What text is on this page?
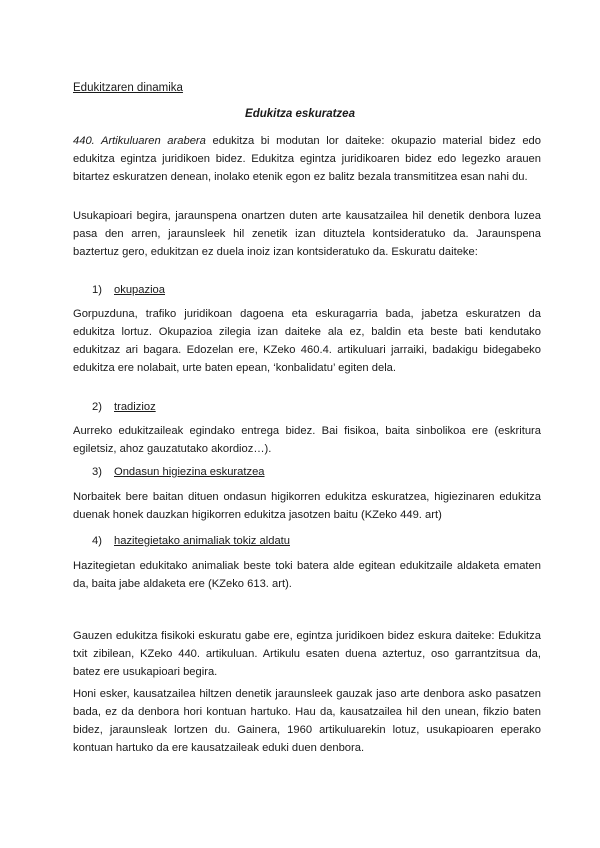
Edukitzaren dinamika
Edukitza eskuratzea

440. Artikuluaren arabera edukitza bi modutan lor daiteke: okupazio material bidez edo edukitza egintza juridikoen bidez. Edukitza egintza juridikoaren bidez edo legezko arauen bitartez eskuratzen denean, inolako etenik egon ez balitz bezala transmititzea esan nahi du.

Usukapioari begira, jaraunspena onartzen duten arte kausatzailea hil denetik denbora luzea pasa den arren, jaraunsleek hil zenetik izan dituztela kontsideratuko da. Jaraunspena baztertuz gero, edukitzan ez duela inoiz izan kontsideratuko da. Eskuratu daiteke:

1) okupazioa

Gorpuzduna, trafiko juridikoan dagoena eta eskuragarria bada, jabetza eskuratzen da edukitza lortuz. Okupazioa zilegia izan daiteke ala ez, baldin eta beste bati kendutako edukitzaz ari bagara. Edozelan ere, KZeko 460.4. artikuluari jarraiki, badakigu bidegabeko edukitza ere nolabait, urte baten epean, ‘konbalidatu’ egiten dela.

2) tradizioz

Aurreko edukitzaileak egindako entrega bidez. Bai fisikoa, baita sinbolikoa ere (eskritura egiletsiz, ahoz gauzatutako akordioz…).

3) Ondasun higiezina eskuratzea

Norbaitek bere baitan dituen ondasun higikorren edukitza eskuratzea, higiezinaren edukitza duenak honek dauzkan higikorren edukitza jasotzen baitu (KZeko 449. art)

4) hazitegietako animaliak tokiz aldatu

Hazitegietan edukitako animaliak beste toki batera alde egitean edukitzaile aldaketa ematen da, baita jabe aldaketa ere (KZeko 613. art).

Gauzen edukitza fisikoki eskuratu gabe ere, egintza juridikoen bidez eskura daiteke: Edukitza txit zibilean, KZeko 440. artikuluan. Artikulu esaten duena aztertuz, oso garrantzitsua da, batez ere usukapioari begira.

Honi esker, kausatzailea hiltzen denetik jaraunsleek gauzak jaso arte denbora asko pasatzen bada, ez da denbora hori kontuan hartuko. Hau da, kausatzailea hil den unean, fikzio baten bidez, jaraunsleak lortzen du. Gainera, 1960 artikuluarekin lotuz, usukapioaren eperako kontuan hartuko da ere kausatzaileak eduki duen denbora.
